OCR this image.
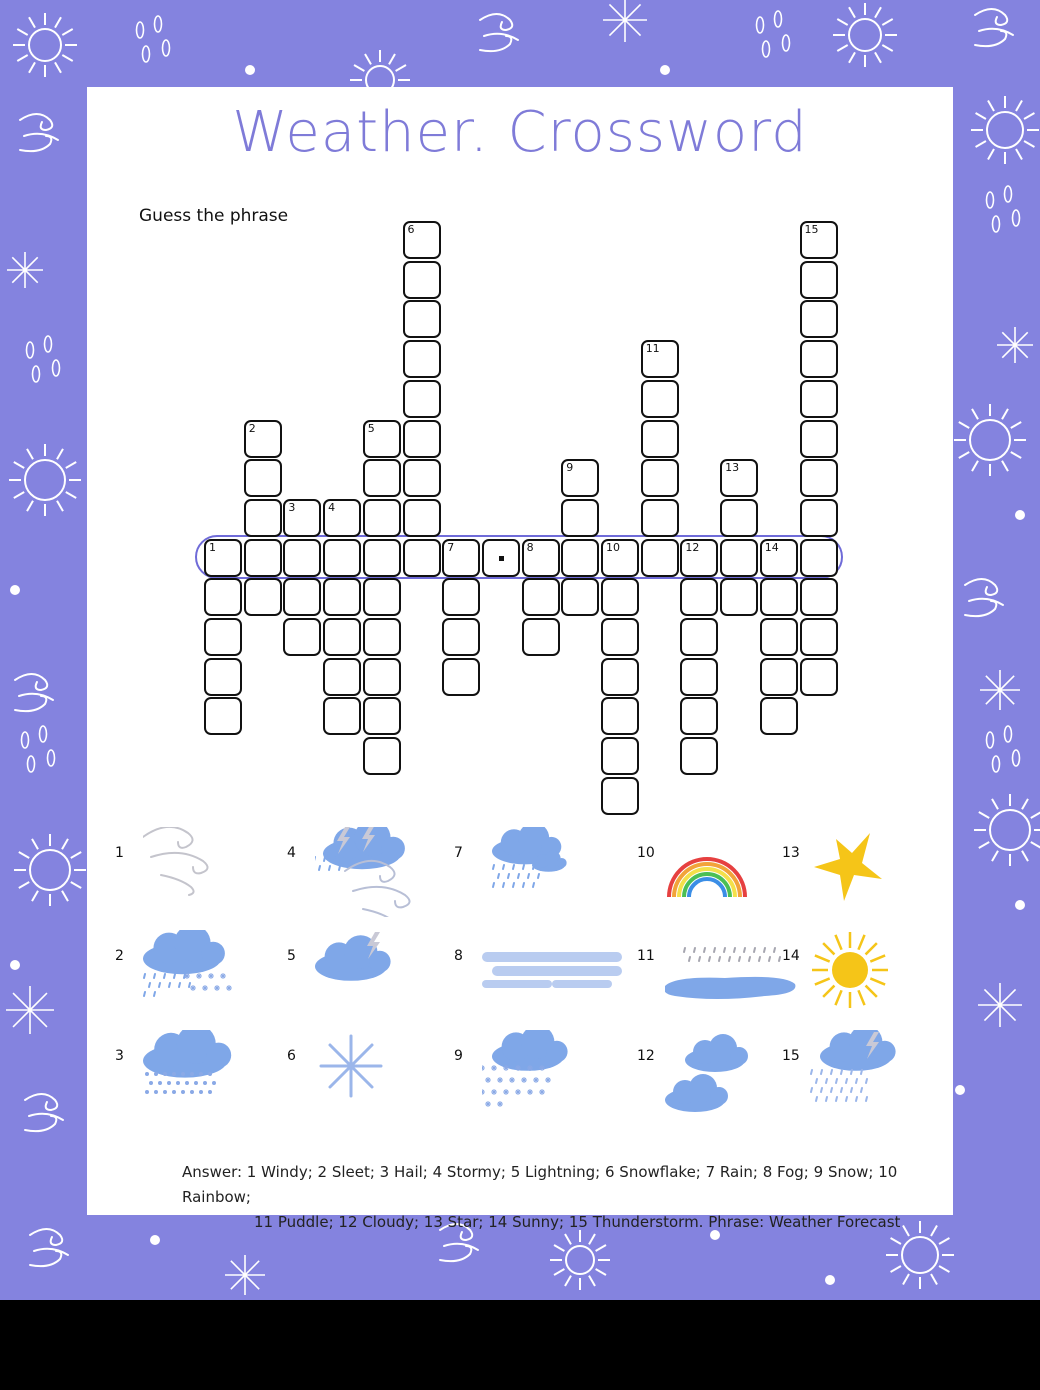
Weather. Crossword
Guess the phrase
1
2
3	4
5
6
7	8
9
10
11
12
13
14
15
1
2
3
4
5
6
7
8
9
10
11
12
13
14
15
Answer: 1 Windy; 2 Sleet; 3 Hail; 4 Stormy; 5 Lightning; 6 Snowflake; 7 Rain; 8 Fog; 9 Snow; 10 Rainbow;
11 Puddle; 12 Cloudy; 13 Star; 14 Sunny; 15 Thunderstorm. Phrase: Weather Forecast
